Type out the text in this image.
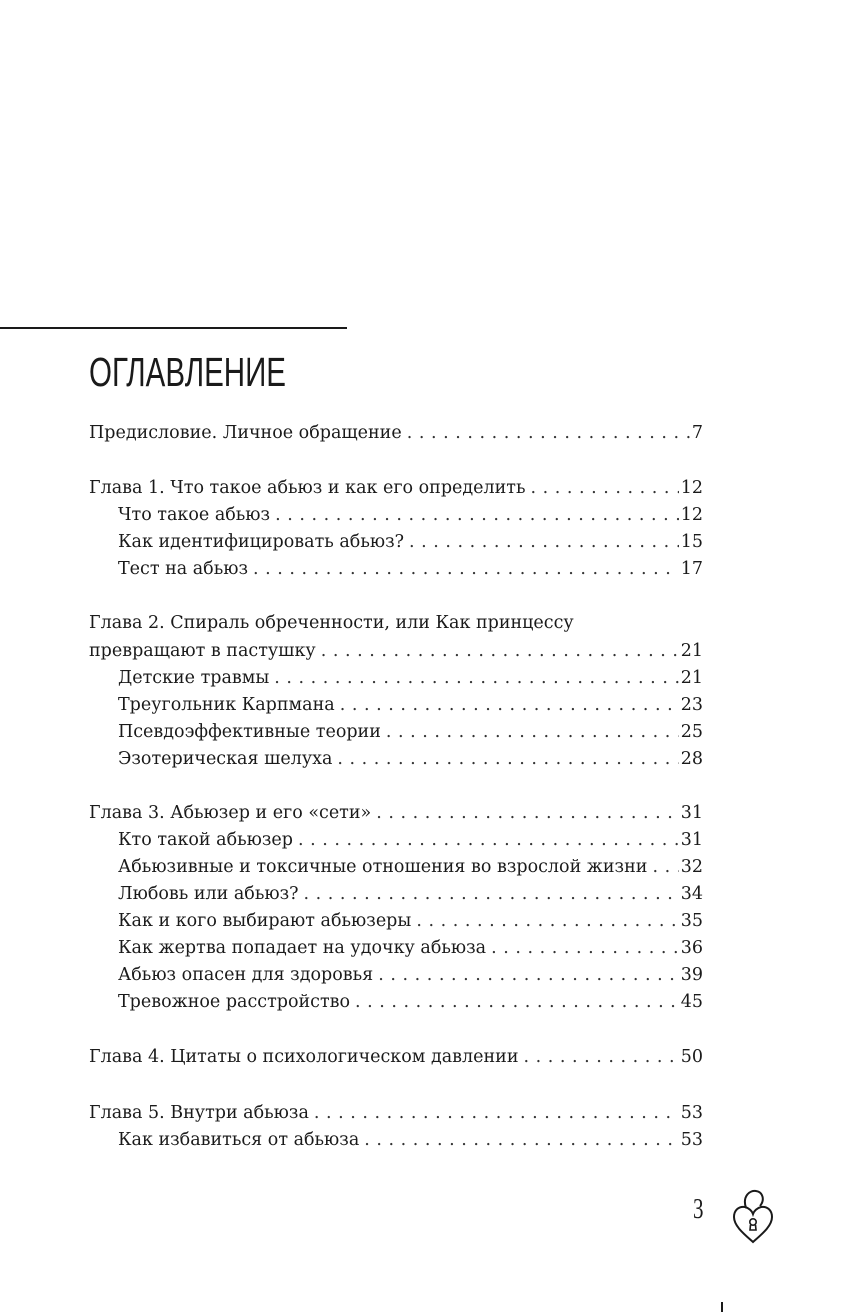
ОГЛАВЛЕНИЕ
Предисловие. Личное обращение . . .	7
Глава 1. Что такое абьюз и как его определить . . .	12
Что такое абьюз . . .	12
Как идентифицировать абьюз? . . .	15
Тест на абьюз . . .	17
Глава 2. Спираль обреченности, или Как принцессу
превращают в пастушку . . .	21
Детские травмы . . .	21
Треугольник Карпмана . . .	23
Псевдоэффективные теории . . .	25
Эзотерическая шелуха . . .	28
Глава 3. Абьюзер и его «сети» . . .	31
Кто такой абьюзер . . .	31
Абьюзивные и токсичные отношения во взрослой жизни . . . 32
Любовь или абьюз? . . .	34
Как и кого выбирают абьюзеры . . .	35
Как жертва попадает на удочку абьюза . . .	36
Абьюз опасен для здоровья . . .	39
Тревожное расстройство . . .	45
Глава 4. Цитаты о психологическом давлении . . .	50
Глава 5. Внутри абьюза . . .	53
Как избавиться от абьюза . . .	53
3
